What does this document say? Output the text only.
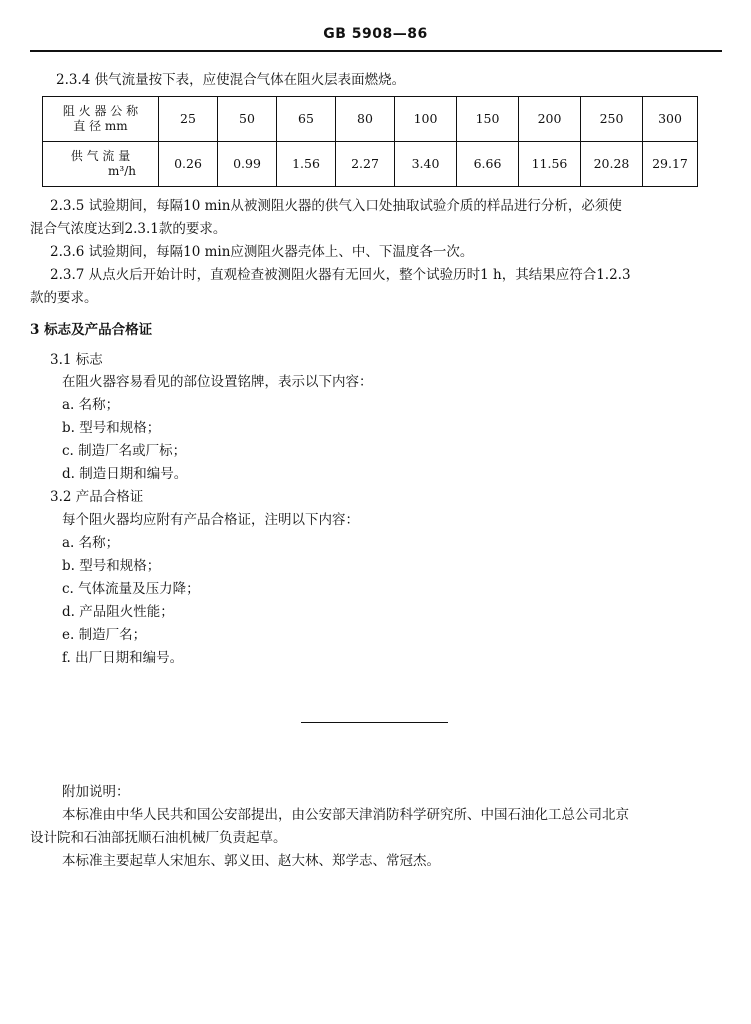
GB 5908—86
2.3.4 供气流量按下表，应使混合气体在阻火层表面燃烧。
阻 火 器 公 称
直 径 mm	25	50	65	80	100	150	200	250	300

供 气 流 量
m³/h	0.26	0.99	1.56	2.27	3.40	6.66	11.56	20.28	29.17
2.3.5 试验期间，每隔10 min从被测阻火器的供气入口处抽取试验介质的样品进行分析，必须使
混合气浓度达到2.3.1款的要求。
2.3.6 试验期间，每隔10 min应测阻火器壳体上、中、下温度各一次。
2.3.7 从点火后开始计时，直观检查被测阻火器有无回火，整个试验历时1 h，其结果应符合1.2.3
款的要求。
3 标志及产品合格证
3.1 标志
在阻火器容易看见的部位设置铭牌，表示以下内容：
a. 名称；
b. 型号和规格；
c. 制造厂名或厂标；
d. 制造日期和编号。
3.2 产品合格证
每个阻火器均应附有产品合格证，注明以下内容：
a. 名称；
b. 型号和规格；
c. 气体流量及压力降；
d. 产品阻火性能；
e. 制造厂名；
f. 出厂日期和编号。
附加说明：
本标准由中华人民共和国公安部提出，由公安部天津消防科学研究所、中国石油化工总公司北京
设计院和石油部抚顺石油机械厂负责起草。
本标准主要起草人宋旭东、郭义田、赵大林、郑学志、常冠杰。
